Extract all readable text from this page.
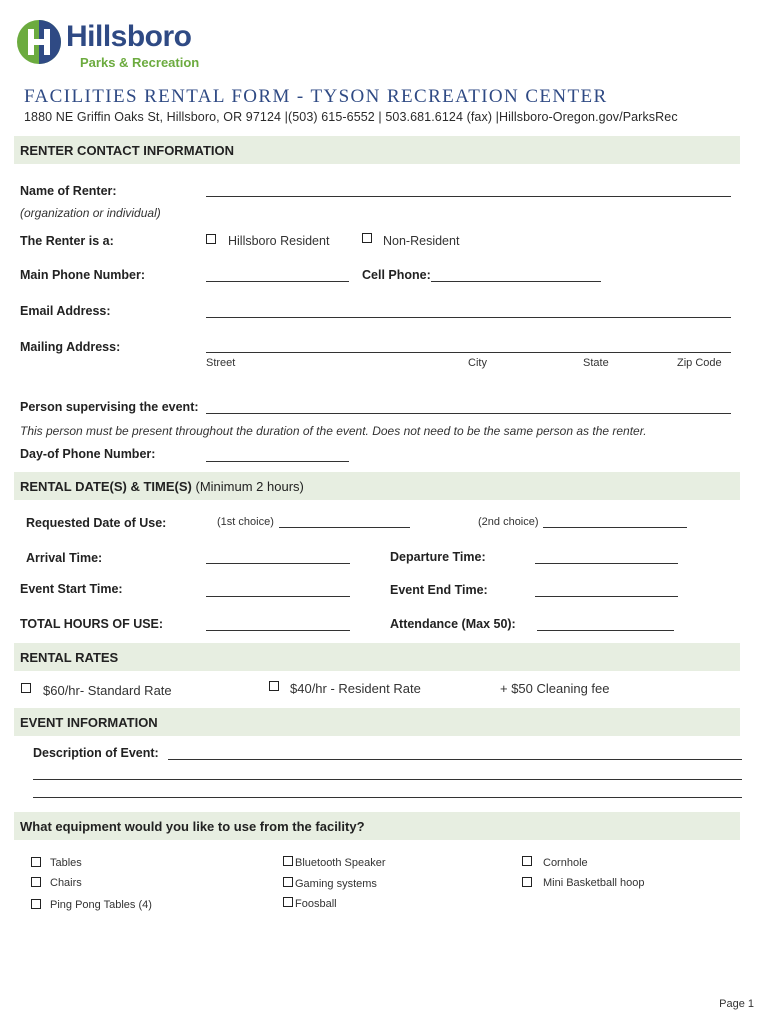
Hillsboro
Parks & Recreation
FACILITIES RENTAL FORM - TYSON RECREATION CENTER
1880 NE Griffin Oaks St, Hillsboro, OR 97124 |(503) 615-6552 | 503.681.6124 (fax) |Hillsboro-Oregon.gov/ParksRec
RENTER CONTACT INFORMATION
Name of Renter:
(organization or individual)
The Renter is a:	Hillsboro Resident	Non-Resident
Main Phone Number:	Cell Phone:
Email Address:
Mailing Address:
Street	City	State	Zip Code
Person supervising the event:
This person must be present throughout the duration of the event. Does not need to be the same person as the renter.
Day-of Phone Number:
RENTAL DATE(S) & TIME(S) (Minimum 2 hours)
Requested Date of Use:	(1st choice)	(2nd choice)
Arrival Time:	Departure Time:
Event Start Time:	Event End Time:
TOTAL HOURS OF USE:	Attendance (Max 50):
RENTAL RATES
$60/hr- Standard Rate	$40/hr - Resident Rate	+ $50 Cleaning fee
EVENT INFORMATION
Description of Event:
What equipment would you like to use from the facility?
Tables
Chairs
Ping Pong Tables (4)
Bluetooth Speaker
Gaming systems
Foosball
Cornhole
Mini Basketball hoop
Page 1
